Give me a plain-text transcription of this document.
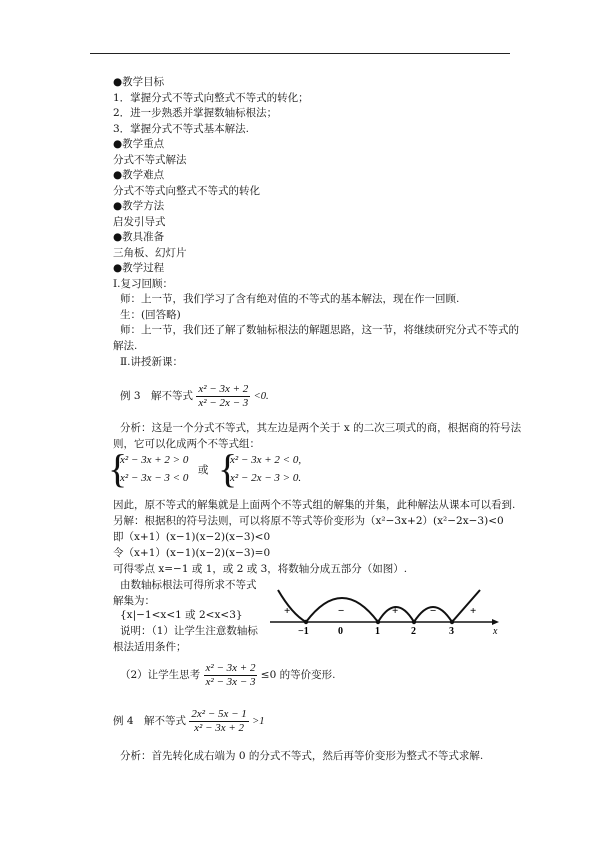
●教学目标
1．掌握分式不等式向整式不等式的转化；
2．进一步熟悉并掌握数轴标根法；
3．掌握分式不等式基本解法.
●教学重点
分式不等式解法
●教学难点
分式不等式向整式不等式的转化
●教学方法
启发引导式
●教具准备
三角板、幻灯片
●教学过程
Ⅰ.复习回顾：
师：上一节，我们学习了含有绝对值的不等式的基本解法，现在作一回顾.
生：(回答略)
师：上一节，我们还了解了数轴标根法的解题思路，这一节，将继续研究分式不等式的
解法.
Ⅱ.讲授新课：
例 3　解不等式 $\frac{\text{x² − 3x + 2}}{\text{x² − 2x − 3}} <0$.
分析：这是一个分式不等式，其左边是两个关于 x 的二次三项式的商，根据商的符号法
则，它可以化成两个不等式组：
{
x² − 3x + 2 > 0
x² − 3x − 3 < 0
或 {
x² − 3x + 2 < 0,
x² − 2x − 3 > 0.
因此，原不等式的解集就是上面两个不等式组的解集的并集，此种解法从课本可以看到.
另解：根据积的符号法则，可以将原不等式等价变形为（x²−3x+2）(x²−2x−3)<0
即（x+1）(x−1)(x−2)(x−3)<0
令（x+1）(x−1)(x−2)(x−3)=0
可得零点 x=−1 或 1，或 2 或 3，将数轴分成五部分（如图）.
由数轴标根法可得所求不等式
解集为：
{x|−1<x<1 或 2<x<3}
说明：（1）让学生注意数轴标
根法适用条件；
+	−	+	−	+
−1	0	1	2	3	x
（2）让学生思考 $\frac{\text{x² − 3x + 2}}{\text{x² − 3x − 3}} \le 0$ 的等价变形.
例 4　解不等式 $\frac{\text{2x² − 5x − 1}}{\text{x² − 3x + 2}} >1$
分析：首先转化成右端为 0 的分式不等式，然后再等价变形为整式不等式求解.
